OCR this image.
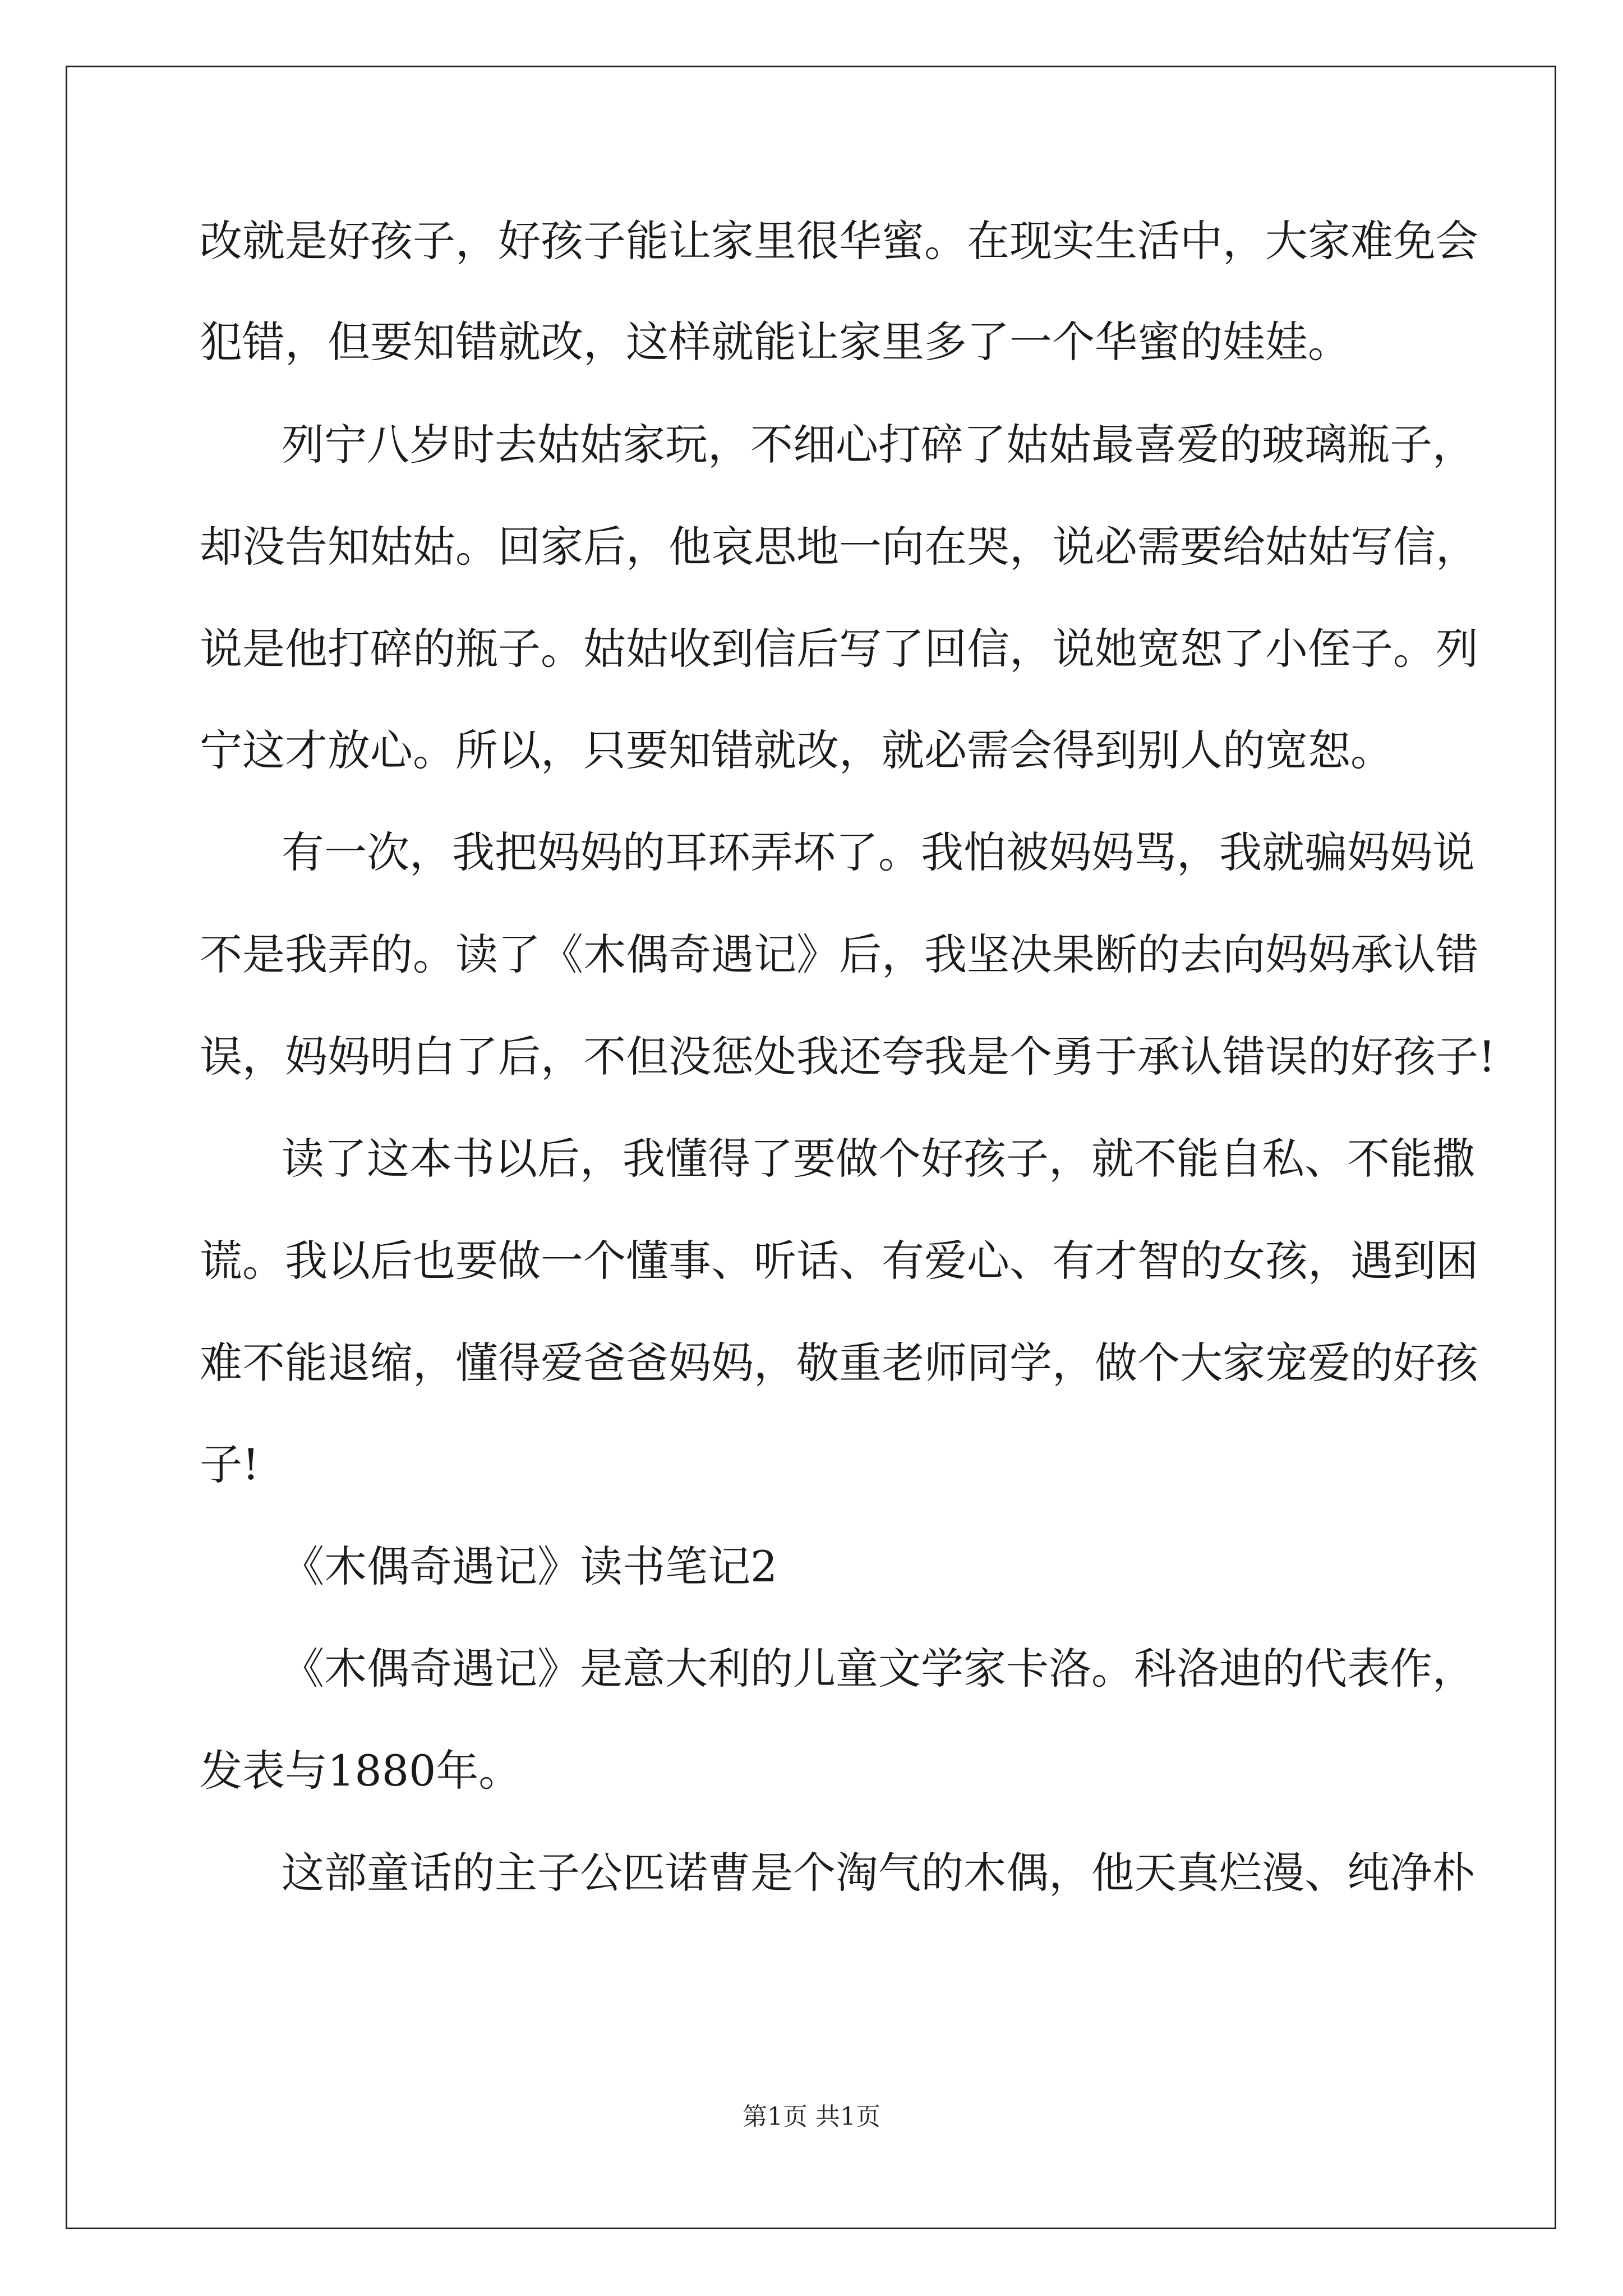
改就是好孩子，好孩子能让家里很华蜜。在现实生活中，大家难免会
犯错，但要知错就改，这样就能让家里多了一个华蜜的娃娃。
列宁八岁时去姑姑家玩，不细心打碎了姑姑最喜爱的玻璃瓶子，
却没告知姑姑。回家后，他哀思地一向在哭，说必需要给姑姑写信，
说是他打碎的瓶子。姑姑收到信后写了回信，说她宽恕了小侄子。列
宁这才放心。所以，只要知错就改，就必需会得到别人的宽恕。
有一次，我把妈妈的耳环弄坏了。我怕被妈妈骂，我就骗妈妈说
不是我弄的。读了《木偶奇遇记》后，我坚决果断的去向妈妈承认错
误，妈妈明白了后，不但没惩处我还夸我是个勇于承认错误的好孩子!
读了这本书以后，我懂得了要做个好孩子，就不能自私、不能撒
谎。我以后也要做一个懂事、听话、有爱心、有才智的女孩，遇到困
难不能退缩，懂得爱爸爸妈妈，敬重老师同学，做个大家宠爱的好孩
子!
《木偶奇遇记》读书笔记2
《木偶奇遇记》是意大利的儿童文学家卡洛。科洛迪的代表作，
发表与1880年。
这部童话的主子公匹诺曹是个淘气的木偶，他天真烂漫、纯净朴
第1页 共1页
